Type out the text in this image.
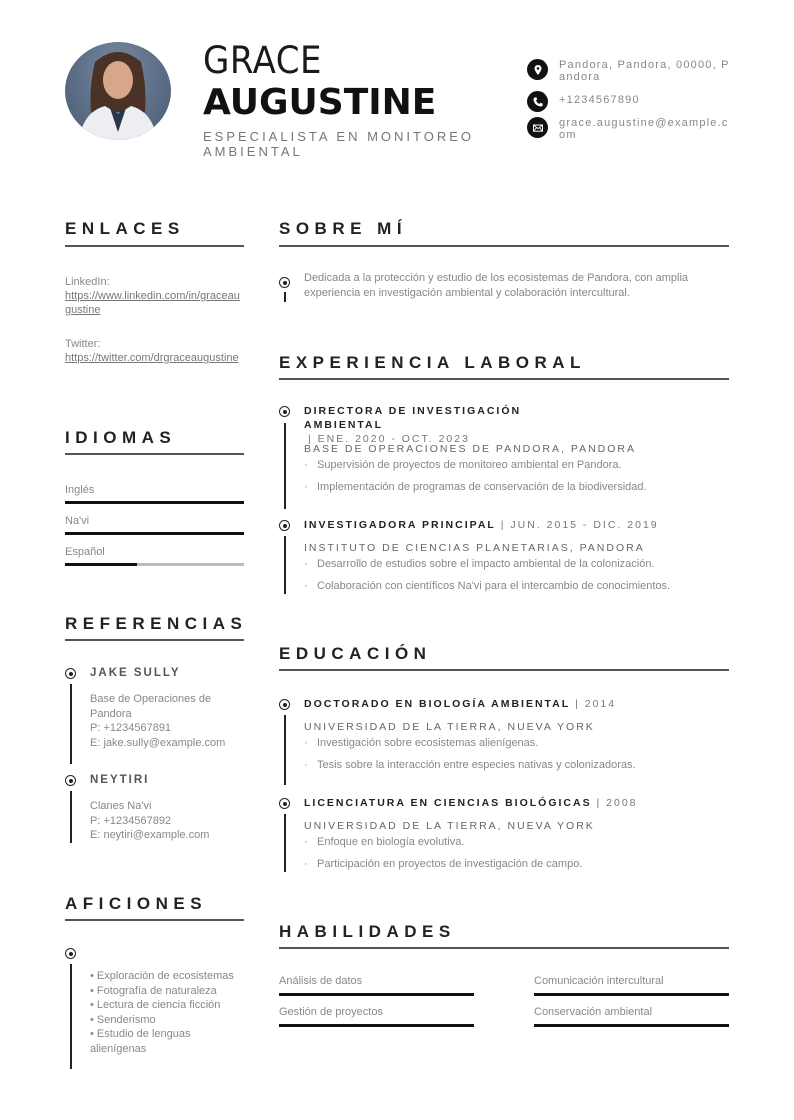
GRACE
AUGUSTINE
ESPECIALISTA EN MONITOREO AMBIENTAL
Pandora, Pandora, 00000, Pandora
+1234567890
grace.augustine@example.com
ENLACES
LinkedIn:
https://www.linkedin.com/in/graceaugustine
Twitter:
https://twitter.com/drgraceaugustine
IDIOMAS
Inglés
Na'vi
Español
REFERENCIAS
JAKE SULLY
Base de Operaciones de Pandora
P: +1234567891
E: jake.sully@example.com
NEYTIRI
Clanes Na'vi
P: +1234567892
E: neytiri@example.com
AFICIONES
• Exploración de ecosistemas
• Fotografía de naturaleza
• Lectura de ciencia ficción
• Senderismo
• Estudio de lenguas alienígenas
SOBRE MÍ
Dedicada a la protección y estudio de los ecosistemas de Pandora, con amplia experiencia en investigación ambiental y colaboración intercultural.
EXPERIENCIA LABORAL
DIRECTORA DE INVESTIGACIÓN AMBIENTAL
| ENE. 2020 - OCT. 2023
BASE DE OPERACIONES DE PANDORA, PANDORA
· Supervisión de proyectos de monitoreo ambiental en Pandora.
· Implementación de programas de conservación de la biodiversidad.
INVESTIGADORA PRINCIPAL | JUN. 2015 - DIC. 2019
INSTITUTO DE CIENCIAS PLANETARIAS, PANDORA
· Desarrollo de estudios sobre el impacto ambiental de la colonización.
· Colaboración con científicos Na'vi para el intercambio de conocimientos.
EDUCACIÓN
DOCTORADO EN BIOLOGÍA AMBIENTAL | 2014
UNIVERSIDAD DE LA TIERRA, NUEVA YORK
· Investigación sobre ecosistemas alienígenas.
· Tesis sobre la interacción entre especies nativas y colonizadoras.
LICENCIATURA EN CIENCIAS BIOLÓGICAS | 2008
UNIVERSIDAD DE LA TIERRA, NUEVA YORK
· Enfoque en biología evolutiva.
· Participación en proyectos de investigación de campo.
HABILIDADES
Análisis de datos	Comunicación intercultural
Gestión de proyectos	Conservación ambiental
